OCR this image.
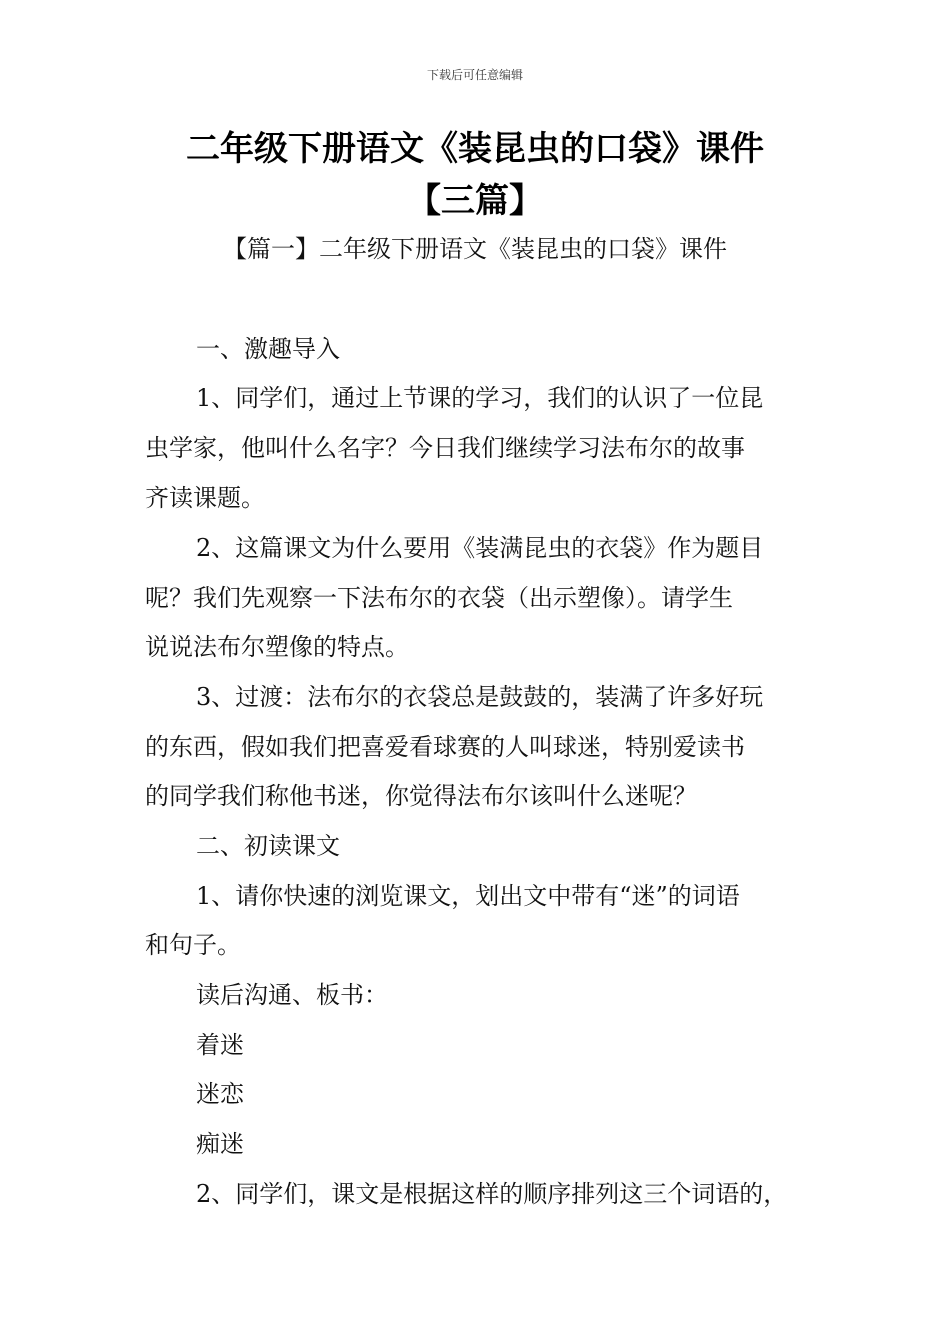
下载后可任意编辑
二年级下册语文《装昆虫的口袋》课件
【三篇】
【篇一】二年级下册语文《装昆虫的口袋》课件
一、激趣导入
1、同学们，通过上节课的学习，我们的认识了一位昆
虫学家，他叫什么名字？今日我们继续学习法布尔的故事
齐读课题。
2、这篇课文为什么要用《装满昆虫的衣袋》作为题目
呢？我们先观察一下法布尔的衣袋（出示塑像）。请学生
说说法布尔塑像的特点。
3、过渡：法布尔的衣袋总是鼓鼓的，装满了许多好玩
的东西，假如我们把喜爱看球赛的人叫球迷，特别爱读书
的同学我们称他书迷，你觉得法布尔该叫什么迷呢？
二、初读课文
1、请你快速的浏览课文，划出文中带有“迷”的词语
和句子。
读后沟通、板书：
着迷
迷恋
痴迷
2、同学们，课文是根据这样的顺序排列这三个词语的，
